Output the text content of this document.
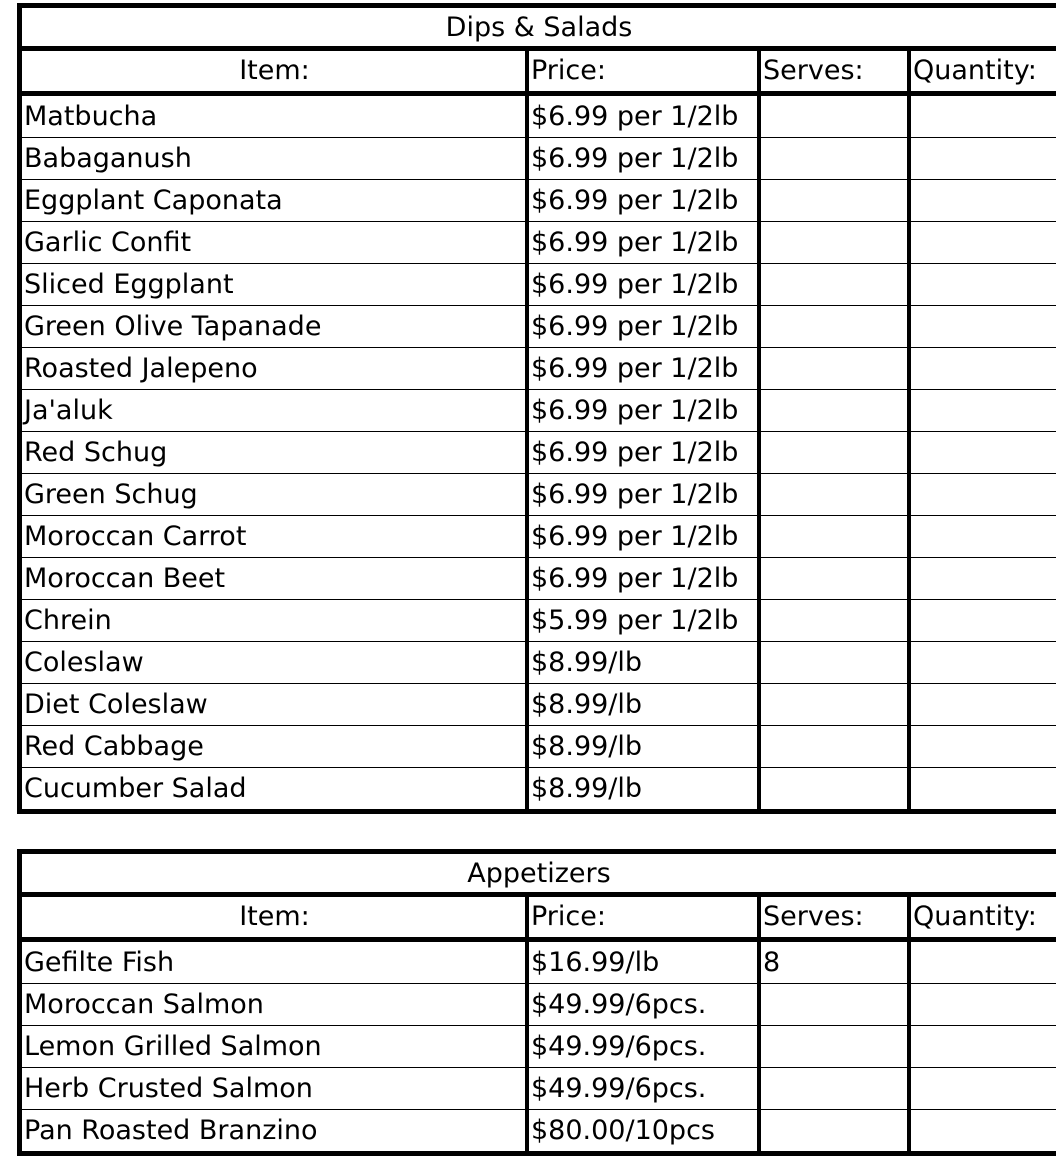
Dips & Salads
Item:	Price:	Serves:	Quantity:
Matbucha	$6.99 per 1/2lb		
Babaganush	$6.99 per 1/2lb		
Eggplant Caponata	$6.99 per 1/2lb		
Garlic Confit	$6.99 per 1/2lb		
Sliced Eggplant	$6.99 per 1/2lb		
Green Olive Tapanade	$6.99 per 1/2lb		
Roasted Jalepeno	$6.99 per 1/2lb		
Ja'aluk	$6.99 per 1/2lb		
Red Schug	$6.99 per 1/2lb		
Green Schug	$6.99 per 1/2lb		
Moroccan Carrot	$6.99 per 1/2lb		
Moroccan Beet	$6.99 per 1/2lb		
Chrein	$5.99 per 1/2lb		
Coleslaw	$8.99/lb		
Diet Coleslaw	$8.99/lb		
Red Cabbage	$8.99/lb		
Cucumber Salad	$8.99/lb		
Appetizers
Item:	Price:	Serves:	Quantity:
Gefilte Fish	$16.99/lb	8	
Moroccan Salmon	$49.99/6pcs.		
Lemon Grilled Salmon	$49.99/6pcs.		
Herb Crusted Salmon	$49.99/6pcs.		
Pan Roasted Branzino	$80.00/10pcs		
